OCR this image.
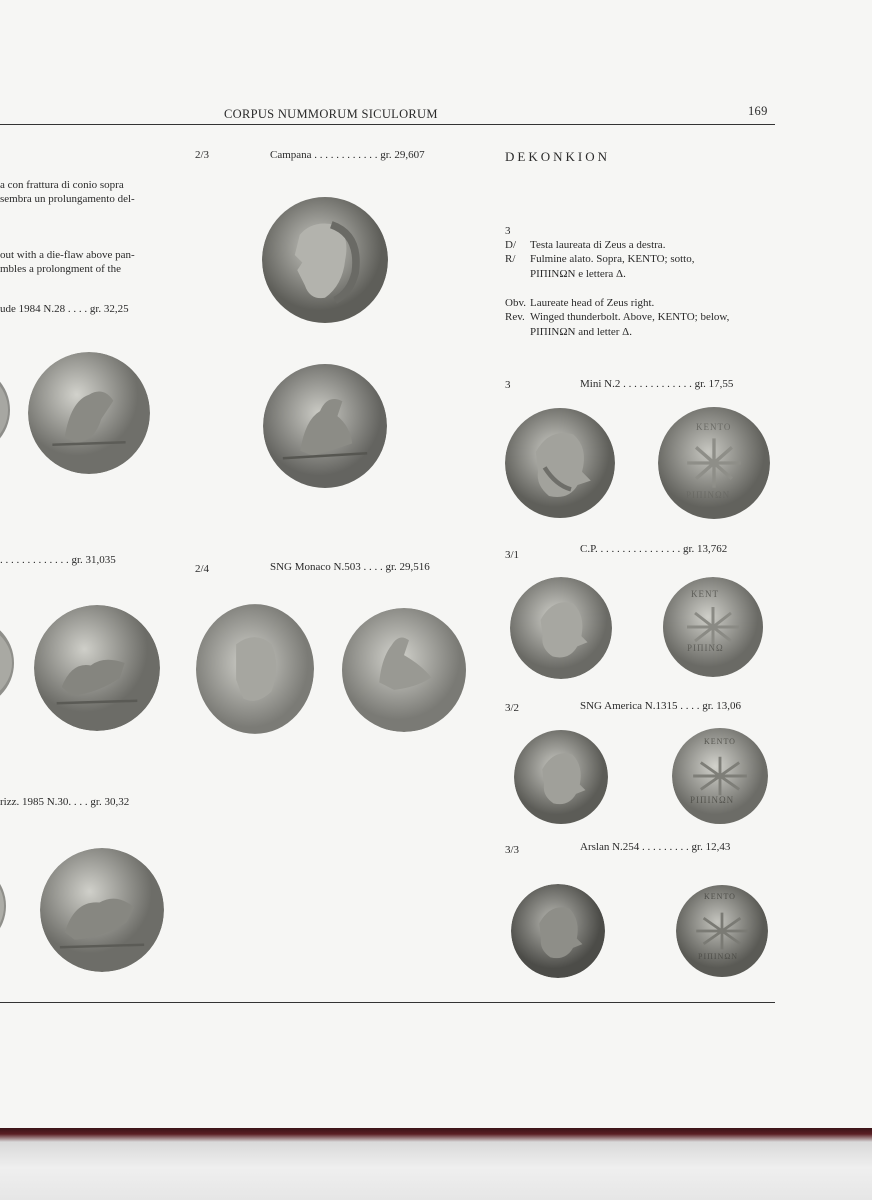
CORPUS NUMMORUM SICULORUM	169
a con frattura di conio sopra
sembra un prolungamento del-
out with a die-flaw above pan-
mbles a prolongment of the
ude 1984 N.28 . . . . gr. 32,25
. . . . . . . . . . . . . gr. 31,035
rizz. 1985 N.30. . . . gr. 30,32
2/3	Campana . . . . . . . . . . . . gr. 29,607
2/4	SNG Monaco N.503 . . . . gr. 29,516
DEKONKION
3
D/ Testa laureata di Zeus a destra.
R/ Fulmine alato. Sopra, ΚΕΝΤΟ; sotto,
ΡΙΠΙΝΩΝ e lettera Δ.
Obv. Laureate head of Zeus right.
Rev. Winged thunderbolt. Above, ΚΕΝΤΟ; below,
ΡΙΠΙΝΩΝ and letter Δ.
3	Mini N.2 . . . . . . . . . . . . . gr. 17,55
ΚΕΝΤΟ
ΡΙΠΙΝΩΝ
3/1	C.P. . . . . . . . . . . . . . . . gr. 13,762
ΚΕΝΤ
ΡΙΠΙΝΩ
3/2	SNG America N.1315 . . . . gr. 13,06
ΚΕΝΤΟ
ΡΙΠΙΝΩΝ
3/3	Arslan N.254 . . . . . . . . . gr. 12,43
ΚΕΝΤΟ
ΡΙΠΙΝΩΝ
